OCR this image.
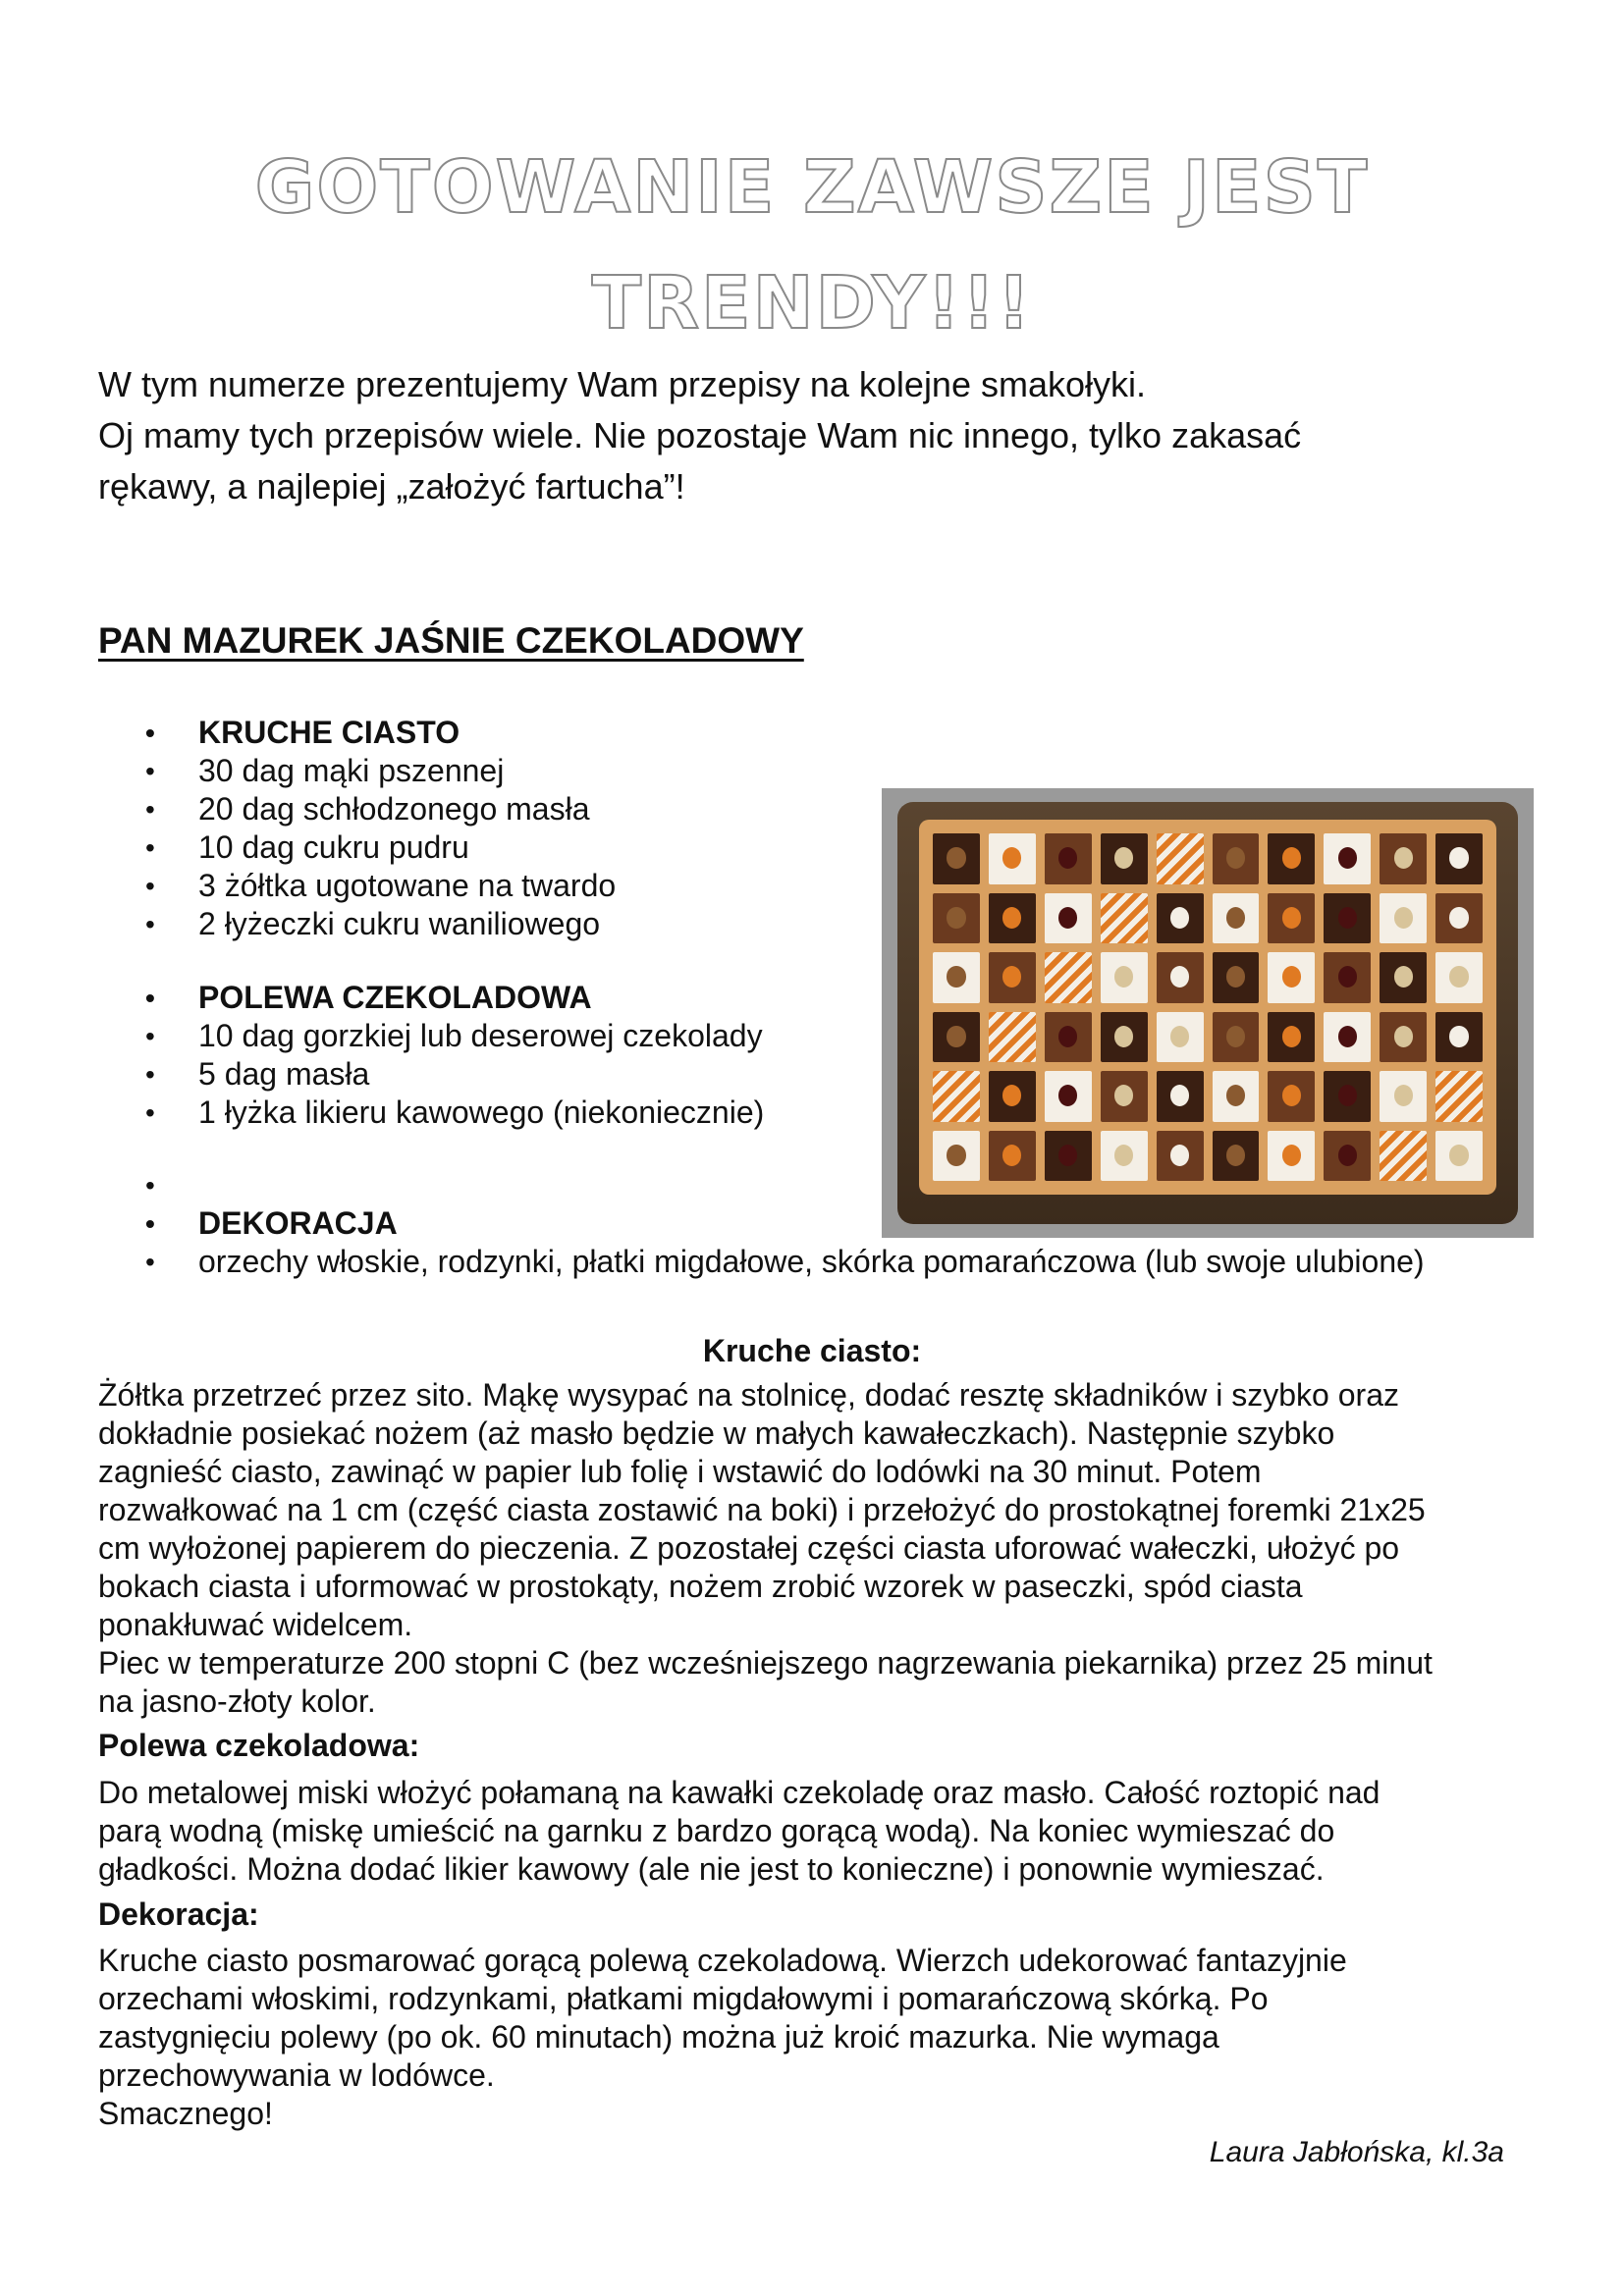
GOTOWANIE ZAWSZE JEST
TRENDY!!!
W tym numerze prezentujemy Wam przepisy na kolejne smakołyki.
Oj mamy tych przepisów wiele. Nie pozostaje Wam nic innego, tylko zakasać
rękawy, a najlepiej „założyć fartucha”!
PAN MAZUREK JAŚNIE CZEKOLADOWY
• KRUCHE CIASTO
• 30 dag mąki pszennej
• 20 dag schłodzonego masła
• 10 dag cukru pudru
• 3 żółtka ugotowane na twardo
• 2 łyżeczki cukru waniliowego
• POLEWA CZEKOLADOWA
• 10 dag gorzkiej lub deserowej czekolady
• 5 dag masła
• 1 łyżka likieru kawowego (niekoniecznie)
•
• DEKORACJA
• orzechy włoskie, rodzynki, płatki migdałowe, skórka pomarańczowa (lub swoje ulubione)
Kruche ciasto:
Żółtka przetrzeć przez sito. Mąkę wysypać na stolnicę, dodać resztę składników i szybko oraz
dokładnie posiekać nożem (aż masło będzie w małych kawałeczkach). Następnie szybko
zagnieść ciasto, zawinąć w papier lub folię i wstawić do lodówki na 30 minut. Potem
rozwałkować na 1 cm (część ciasta zostawić na boki) i przełożyć do prostokątnej foremki 21x25
cm wyłożonej papierem do pieczenia. Z pozostałej części ciasta uforować wałeczki, ułożyć po
bokach ciasta i uformować w prostokąty, nożem zrobić wzorek w paseczki, spód ciasta
ponakłuwać widelcem.
Piec w temperaturze 200 stopni C (bez wcześniejszego nagrzewania piekarnika) przez 25 minut
na jasno-złoty kolor.
Polewa czekoladowa:
Do metalowej miski włożyć połamaną na kawałki czekoladę oraz masło. Całość roztopić nad
parą wodną (miskę umieścić na garnku z bardzo gorącą wodą). Na koniec wymieszać do
gładkości. Można dodać likier kawowy (ale nie jest to konieczne) i ponownie wymieszać.
Dekoracja:
Kruche ciasto posmarować gorącą polewą czekoladową. Wierzch udekorować fantazyjnie
orzechami włoskimi, rodzynkami, płatkami migdałowymi i pomarańczową skórką. Po
zastygnięciu polewy (po ok. 60 minutach) można już kroić mazurka. Nie wymaga
przechowywania w lodówce.
Smacznego!

Laura Jabłońska, kl.3a
